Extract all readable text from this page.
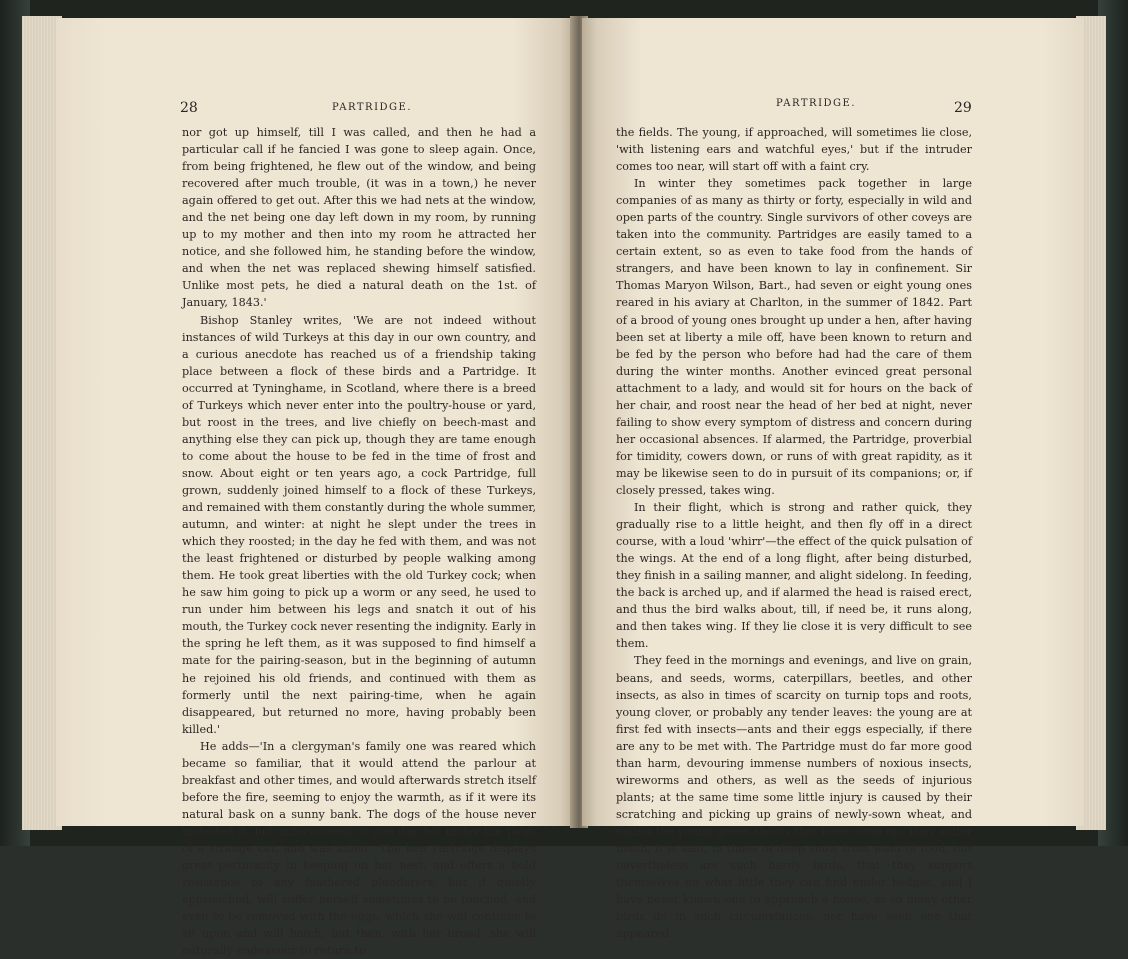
28	PARTRIDGE.

nor got up himself, till I was called, and then he had a particular call if he fancied I was gone to sleep again. Once, from being frightened, he flew out of the window, and being recovered after much trouble, (it was in a town,) he never again offered to get out. After this we had nets at the window, and the net being one day left down in my room, by running up to my mother and then into my room he attracted her notice, and she followed him, he standing before the window, and when the net was replaced shewing himself satisfied. Unlike most pets, he died a natural death on the 1st. of January, 1843.'

Bishop Stanley writes, 'We are not indeed without instances of wild Turkeys at this day in our own country, and a curious anecdote has reached us of a friendship taking place between a flock of these birds and a Partridge. It occurred at Tyninghame, in Scotland, where there is a breed of Turkeys which never enter into the poultry-house or yard, but roost in the trees, and live chiefly on beech-mast and anything else they can pick up, though they are tame enough to come about the house to be fed in the time of frost and snow. About eight or ten years ago, a cock Partridge, full grown, suddenly joined himself to a flock of these Turkeys, and remained with them constantly during the whole summer, autumn, and winter: at night he slept under the trees in which they roosted; in the day he fed with them, and was not the least frightened or disturbed by people walking among them. He took great liberties with the old Turkey cock; when he saw him going to pick up a worm or any seed, he used to run under him between his legs and snatch it out of his mouth, the Turkey cock never resenting the indignity. Early in the spring he left them, as it was supposed to find himself a mate for the pairing-season, but in the beginning of autumn he rejoined his old friends, and continued with them as formerly until the next pairing-time, when he again disappeared, but returned no more, having probably been killed.'

He adds—'In a clergyman's family one was reared which became so familiar, that it would attend the parlour at breakfast and other times, and would afterwards stretch itself before the fire, seeming to enjoy the warmth, as if it were its natural bask on a sunny bank. The dogs of the house never molested it, but unfortunately it one day fell under the paws of a strange cat, and was killed.' The hen Partridge displays great pertinacity in keeping on her nest, and offers a bold resistance to any feathered plunderers; but if quietly approached, will suffer herself sometimes to be touched, and even to be removed with the eggs, which she will continue to sit upon and will hatch; but then, with her brood, she will naturally endeavour to return to

PARTRIDGE.	29

the fields. The young, if approached, will sometimes lie close, 'with listening ears and watchful eyes,' but if the intruder comes too near, will start off with a faint cry.

In winter they sometimes pack together in large companies of as many as thirty or forty, especially in wild and open parts of the country. Single survivors of other coveys are taken into the community. Partridges are easily tamed to a certain extent, so as even to take food from the hands of strangers, and have been known to lay in confinement. Sir Thomas Maryon Wilson, Bart., had seven or eight young ones reared in his aviary at Charlton, in the summer of 1842. Part of a brood of young ones brought up under a hen, after having been set at liberty a mile off, have been known to return and be fed by the person who before had had the care of them during the winter months. Another evinced great personal attachment to a lady, and would sit for hours on the back of her chair, and roost near the head of her bed at night, never failing to show every symptom of distress and concern during her occasional absences. If alarmed, the Partridge, proverbial for timidity, cowers down, or runs of with great rapidity, as it may be likewise seen to do in pursuit of its companions; or, if closely pressed, takes wing.

In their flight, which is strong and rather quick, they gradually rise to a little height, and then fly off in a direct course, with a loud 'whirr'—the effect of the quick pulsation of the wings. At the end of a long flight, after being disturbed, they finish in a sailing manner, and alight sidelong. In feeding, the back is arched up, and if alarmed the head is raised erect, and thus the bird walks about, till, if need be, it runs along, and then takes wing. If they lie close it is very difficult to see them.

They feed in the mornings and evenings, and live on grain, beans, and seeds, worms, caterpillars, beetles, and other insects, as also in times of scarcity on turnip tops and roots, young clover, or probably any tender leaves: the young are at first fed with insects—ants and their eggs especially, if there are any to be met with. The Partridge must do far more good than harm, devouring immense numbers of noxious insects, wireworms and others, as well as the seeds of injurious plants; at the same time some little injury is caused by their scratching and picking up grains of newly-sown wheat, and eating the young green shoots that have come up. They suffer much, it is said, in times of deep snow from want of food, but nevertheless are such hardy birds, that they support themselves on what little they can find under hedges, and I have never known one to approach a house, as so many other birds do in such circumstances, nor have seen one that appeared
